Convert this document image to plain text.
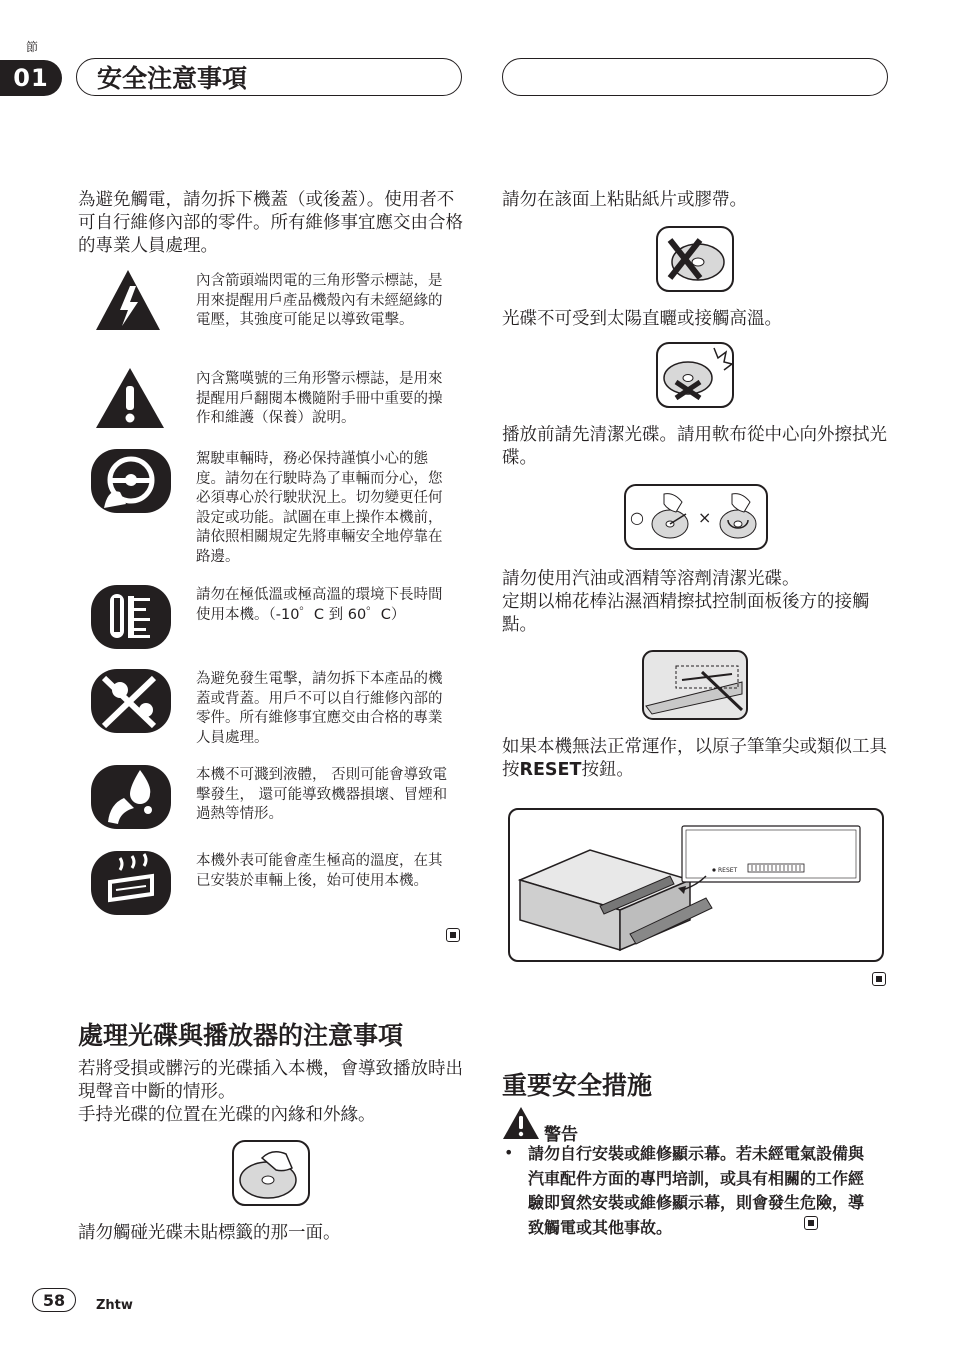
節
01	安全注意事項
為避免觸電，請勿拆下機蓋（或後蓋）。使用者不可自行維修內部的零件。所有維修事宜應交由合格的專業人員處理。
內含箭頭端閃電的三角形警示標誌，是用來提醒用戶產品機殼內有未經絕緣的電壓，其強度可能足以導致電擊。
內含驚嘆號的三角形警示標誌，是用來提醒用戶翻閱本機隨附手冊中重要的操作和維護（保養）說明。
駕駛車輛時，務必保持謹慎小心的態度。請勿在行駛時為了車輛而分心，您必須專心於行駛狀況上。切勿變更任何設定或功能。試圖在車上操作本機前，請依照相關規定先將車輛安全地停靠在路邊。
請勿在極低溫或極高溫的環境下長時間使用本機。（-10゜C 到 60゜C）
為避免發生電擊，請勿拆下本產品的機蓋或背蓋。用戶不可以自行維修內部的零件。所有維修事宜應交由合格的專業人員處理。
本機不可濺到液體， 否則可能會導致電擊發生， 還可能導致機器損壞、冒煙和過熱等情形。
本機外表可能會產生極高的溫度，在其已安裝於車輛上後，始可使用本機。
處理光碟與播放器的注意事項
若將受損或髒污的光碟插入本機，會導致播放時出現聲音中斷的情形。
手持光碟的位置在光碟的內緣和外緣。
請勿觸碰光碟未貼標籤的那一面。
請勿在該面上粘貼紙片或膠帶。
光碟不可受到太陽直曬或接觸高溫。
播放前請先清潔光碟。請用軟布從中心向外擦拭光碟。
○	×
請勿使用汽油或酒精等溶劑清潔光碟。
定期以棉花棒沾濕酒精擦拭控制面板後方的接觸點。
如果本機無法正常運作，以原子筆筆尖或類似工具按RESET按鈕。
RESET
重要安全措施
警告
• 請勿自行安裝或維修顯示幕。若未經電氣設備與汽車配件方面的專門培訓，或具有相關的工作經驗即貿然安裝或維修顯示幕，則會發生危險，導致觸電或其他事故。
58	Zhtw
